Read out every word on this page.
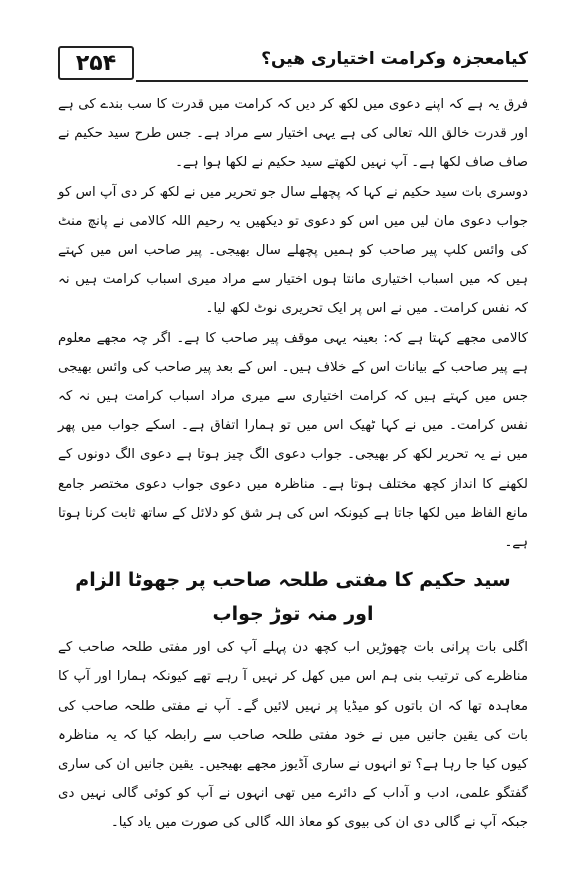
۲۵۴	کیامعجزہ وکرامت اختیاری ھیں؟

فرق یہ ہے کہ اپنے دعوی میں لکھ کر دیں کہ کرامت میں قدرت کا سب بندے کی ہے اور قدرت خالق اللہ تعالی کی ہے یہی اختیار سے مراد ہے۔ جس طرح سید حکیم نے صاف صاف لکھا ہے۔ آپ نہیں لکھتے سید حکیم نے لکھا ہوا ہے۔

دوسری بات سید حکیم نے کہا کہ پچھلے سال جو تحریر میں نے لکھ کر دی آپ اس کو جواب دعوی مان لیں میں اس کو دعوی تو دیکھیں یہ رحیم اللہ کالامی نے پانچ منٹ کی وائس کلپ پیر صاحب کو ہمیں پچھلے سال بھیجی۔ پیر صاحب اس میں کہتے ہیں کہ میں اسباب اختیاری مانتا ہوں اختیار سے مراد میری اسباب کرامت ہیں نہ کہ نفس کرامت۔ میں نے اس پر ایک تحریری نوٹ لکھ لیا۔

کالامی مجھے کہتا ہے کہ: بعینہ یہی موقف پیر صاحب کا ہے۔ اگر چہ مجھے معلوم ہے پیر صاحب کے بیانات اس کے خلاف ہیں۔ اس کے بعد پیر صاحب کی وائس بھیجی جس میں کہتے ہیں کہ کرامت اختیاری سے میری مراد اسباب کرامت ہیں نہ کہ نفس کرامت۔ میں نے کہا ٹھیک اس میں تو ہمارا اتفاق ہے۔ اسکے جواب میں پھر میں نے یہ تحریر لکھ کر بھیجی۔ جواب دعوی الگ چیز ہوتا ہے دعوی الگ دونوں کے لکھنے کا انداز کچھ مختلف ہوتا ہے۔ مناظرہ میں دعوی جواب دعوی مختصر جامع مانع الفاظ میں لکھا جاتا ہے کیونکہ اس کی ہر شق کو دلائل کے ساتھ ثابت کرنا ہوتا ہے۔

سید حکیم کا مفتی طلحہ صاحب پر جھوٹا الزام اور منہ توڑ جواب

اگلی بات پرانی بات چھوڑیں اب کچھ دن پہلے آپ کی اور مفتی طلحہ صاحب کے مناظرے کی ترتیب بنی ہم اس میں کھل کر نہیں آ رہے تھے کیونکہ ہمارا اور آپ کا معاہدہ تھا کہ ان باتوں کو میڈیا پر نہیں لائیں گے۔ آپ نے مفتی طلحہ صاحب کی بات کی یقین جانیں میں نے خود مفتی طلحہ صاحب سے رابطہ کیا کہ یہ مناظرہ کیوں کیا جا رہا ہے؟ تو انہوں نے ساری آڈیوز مجھے بھیجیں۔ یقین جانیں ان کی ساری گفتگو علمی، ادب و آداب کے دائرے میں تھی انہوں نے آپ کو کوئی گالی نہیں دی جبکہ آپ نے گالی دی ان کی بیوی کو معاذ اللہ گالی کی صورت میں یاد کیا۔
